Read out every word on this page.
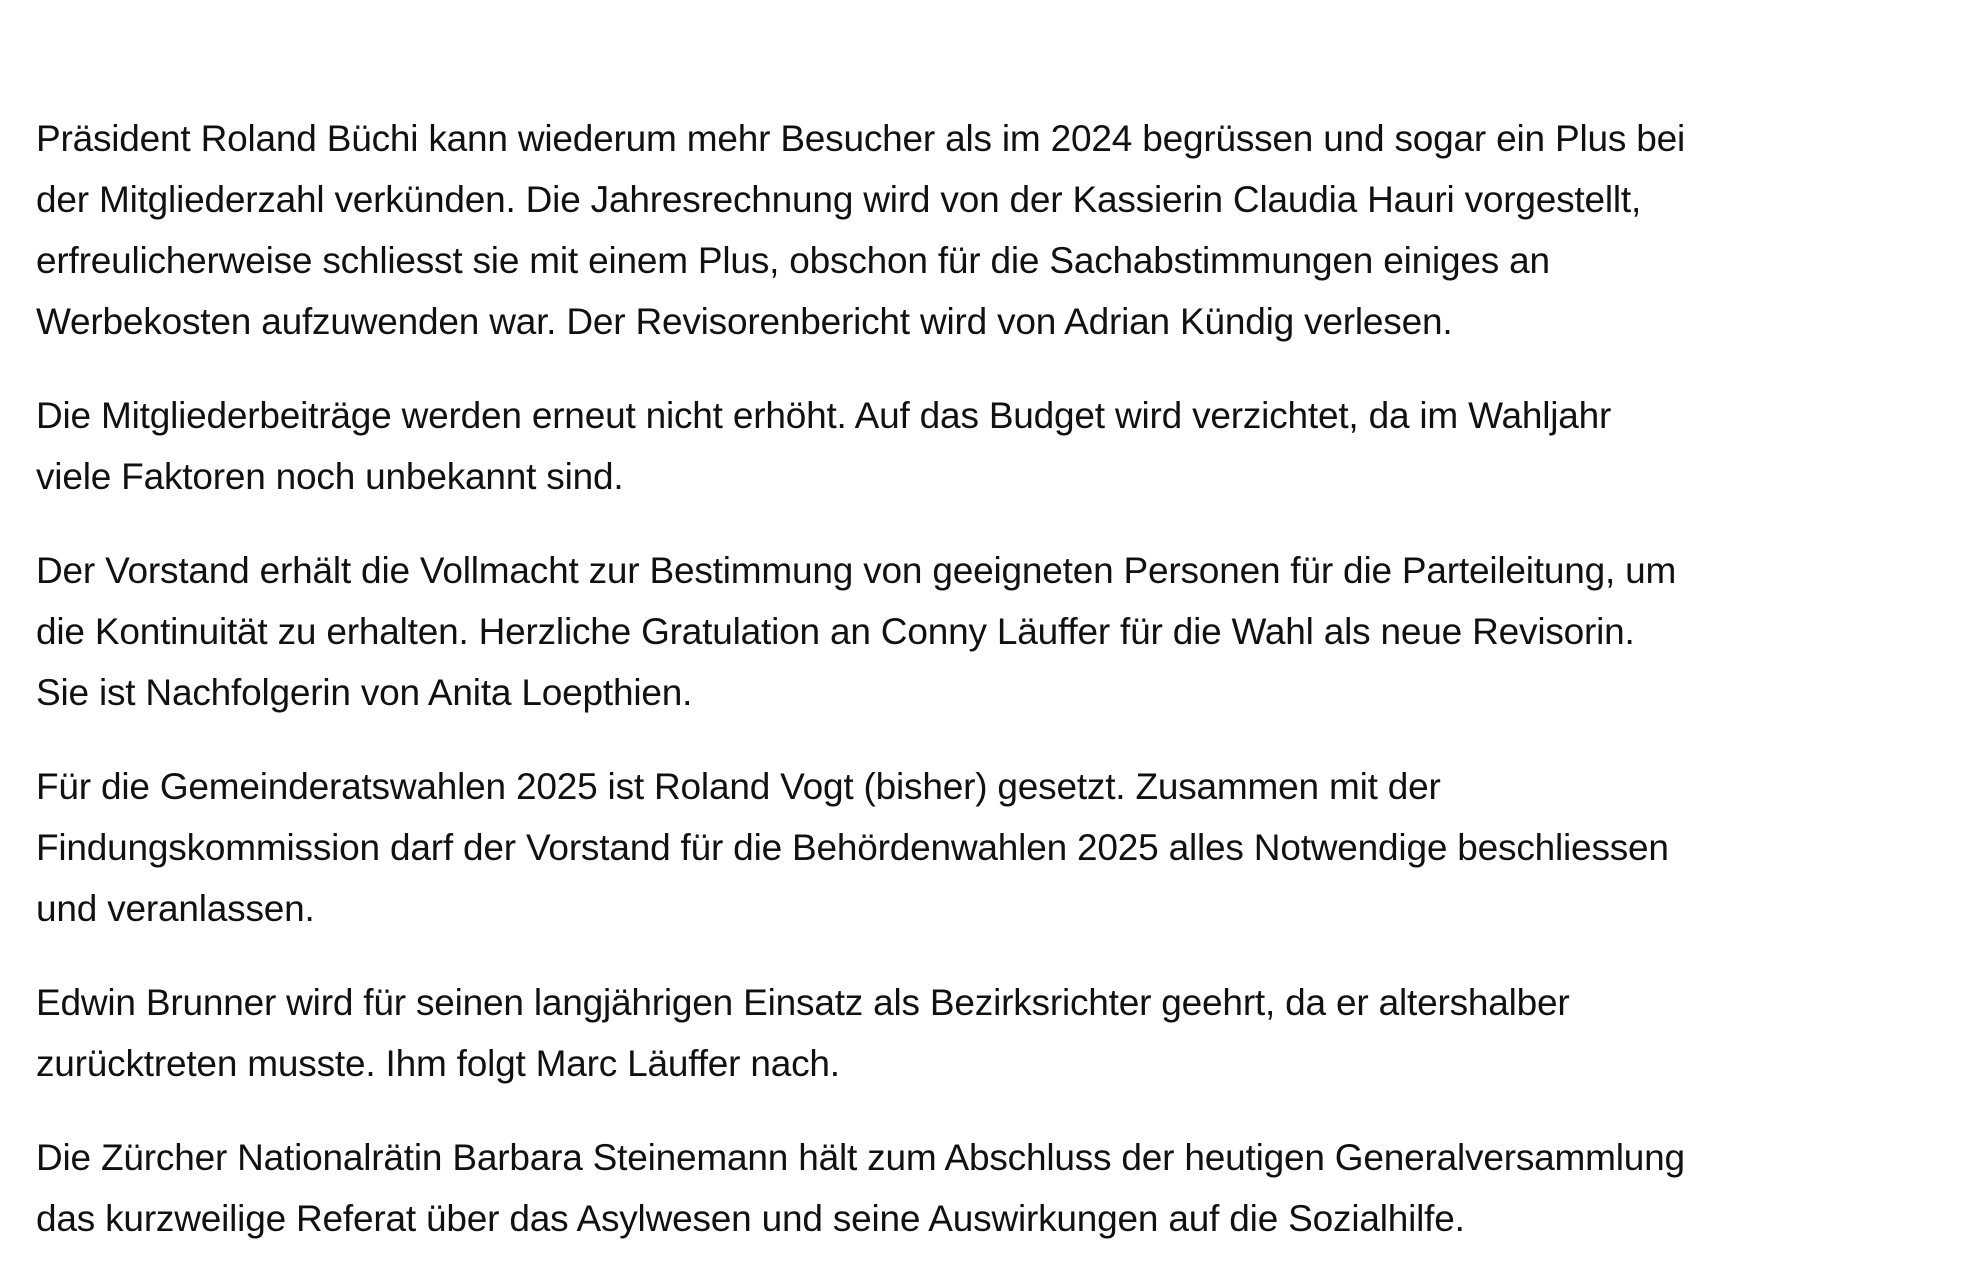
Präsident Roland Büchi kann wiederum mehr Besucher als im 2024 begrüssen und sogar ein Plus bei
der Mitgliederzahl verkünden. Die Jahresrechnung wird von der Kassierin Claudia Hauri vorgestellt,
erfreulicherweise schliesst sie mit einem Plus, obschon für die Sachabstimmungen einiges an
Werbekosten aufzuwenden war. Der Revisorenbericht wird von Adrian Kündig verlesen.

Die Mitgliederbeiträge werden erneut nicht erhöht. Auf das Budget wird verzichtet, da im Wahljahr
viele Faktoren noch unbekannt sind.

Der Vorstand erhält die Vollmacht zur Bestimmung von geeigneten Personen für die Parteileitung, um
die Kontinuität zu erhalten. Herzliche Gratulation an Conny Läuffer für die Wahl als neue Revisorin.
Sie ist Nachfolgerin von Anita Loepthien.

Für die Gemeinderatswahlen 2025 ist Roland Vogt (bisher) gesetzt. Zusammen mit der
Findungskommission darf der Vorstand für die Behördenwahlen 2025 alles Notwendige beschliessen
und veranlassen.

Edwin Brunner wird für seinen langjährigen Einsatz als Bezirksrichter geehrt, da er altershalber
zurücktreten musste. Ihm folgt Marc Läuffer nach.

Die Zürcher Nationalrätin Barbara Steinemann hält zum Abschluss der heutigen Generalversammlung
das kurzweilige Referat über das Asylwesen und seine Auswirkungen auf die Sozialhilfe.
